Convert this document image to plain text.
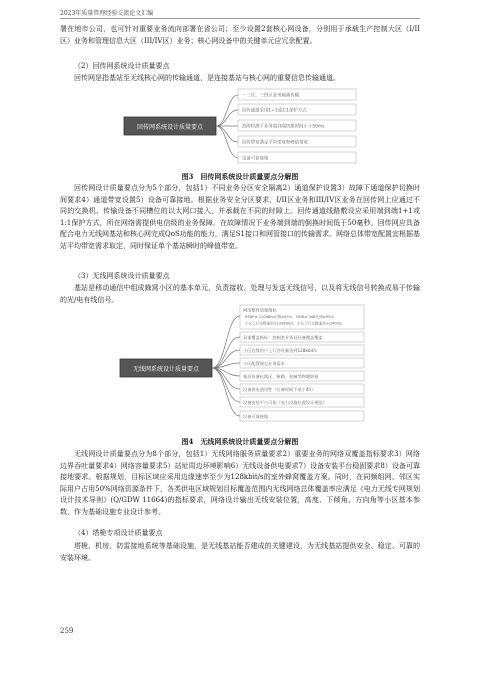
2023年质量管理经验交流论文汇编

署在地市公司，也可针对重要业务流向部署在省公司；至少设置2套核心网设备，分别用于承载生产控制大区（I/II区）业务和管理信息大区（III/IV区）业务；核心网设备中的关键单元应冗余配置。

（2）回传网系统设计质量要点

回传网是指基站至无线核心网的传输通道，是连接基站与核心网的重要信息传输通道。

回传网系统设计质量要点
一二区、三四区业务隔离传输
回传通道采用1+1或1:1保护方式
故障检测下业务端到端切换时间小于50ms
回传带宽满足平均带宽和峰值带宽
设备可靠接地
图3　回传网系统设计质量要点分解图

回传网设计质量要点分为5个部分，包括1）不同业务分区安全隔离2）通道保护设置3）故障下通道保护切换时间要求4）通道带宽设置5）设备可靠接地。根据业务安全分区要求，I/II区业务和III/IV区业务在回传网上应通过不同的交换机、传输设备不同槽位的以太网口接入，并承载在不同的时隙上。回传通道线路敷设应采用端到端1+1或1:1保护方式，所在网络需提供电信级的业务保障，在故障情况下业务端到端的倒换时间低于50毫秒。回传网应具备配合电力无线网基站和核心网完成QoS功能的能力，满足S1接口和网管接口的传输需求。网络总体带宽配置宜根据基站平均带宽需求取定，同时保证单个基站瞬时的峰值带宽。

（3）无线网系统设计质量要点

基站是移动通信中组成蜂窝小区的基本单元，负责接收、处理与发送无线信号，以及将无线信号转换成易于传输的光/电有线信号。

无线网系统设计质量要点
网络整体质量指标：
RSRP≥-110dBm比例≥95%，SINR≥-3dB比例≥95%
小区上行边缘速率≥128kbit/s，小区下行边缘速率≥1Mbit/s
双重覆盖指标：控制类业务双径备覆盖覆盖
小区边缘用户上行吞吐量达到128kbit/s
小区配置满足业务需求
基站设备抗地区、断路、机械等物理防损
设备供电通用性（后备时间不低于4h）
设备安装平台可依《电力设施抗震设计规范》
设备可靠接地
图4　无线网系统设计质量要点分解图

无线网设计质量要点分为8个部分，包括1）无线网络服务质量要求2）重要业务的网络双覆盖指标要求3）网络边界吞吐量要求4）网络容量要求5）站址周边环境影响6）无线设备供电要求7）设备安装平台稳固要求8）设备可靠接地要求。根据规划，目标区域应采用边缘速率至少为128kbit/s的室外蜂窝覆盖方案。同时，在同频组网、邻区实际用户占用50%网络资源条件下，各类供电区域规划目标覆盖范围内无线网络总体覆盖率应满足《电力无线专网规划设计技术导则》(Q/GDW 11664)的指标要求，网络设计输出无线安装位置，高度、下倾角、方向角等小区基本参数，作为基础设施专业设计参考。

（4）塔桅专项设计质量要点

塔桅、机房、防雷接地系统等基础设施，是无线基站能否建成的关键建设，为无线基站提供安全、稳定、可靠的安装环境。

259
